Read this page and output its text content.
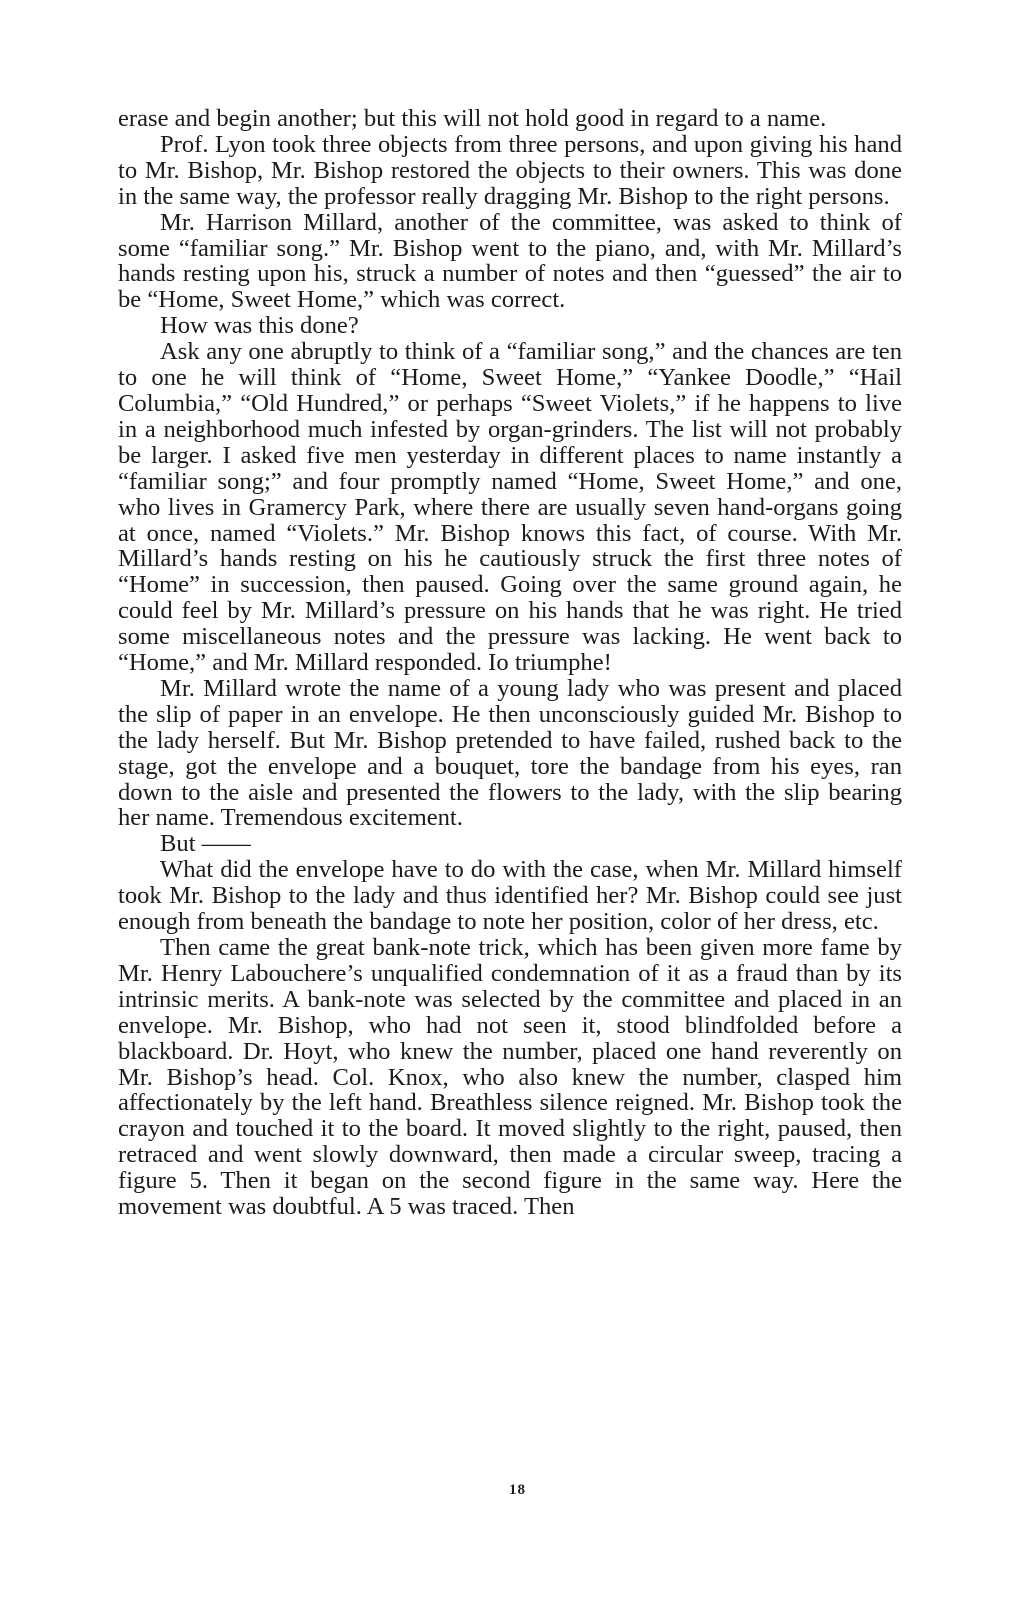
erase and begin another; but this will not hold good in regard to a name.

Prof. Lyon took three objects from three persons, and upon giving his hand to Mr. Bishop, Mr. Bishop restored the objects to their owners. This was done in the same way, the professor really dragging Mr. Bishop to the right persons.

Mr. Harrison Millard, another of the committee, was asked to think of some “familiar song.” Mr. Bishop went to the piano, and, with Mr. Millard’s hands resting upon his, struck a number of notes and then “guessed” the air to be “Home, Sweet Home,” which was correct.

How was this done?

Ask any one abruptly to think of a “familiar song,” and the chances are ten to one he will think of “Home, Sweet Home,” “Yankee Doodle,” “Hail Columbia,” “Old Hundred,” or perhaps “Sweet Violets,” if he happens to live in a neighborhood much infested by organ-grinders. The list will not probably be larger. I asked five men yesterday in different places to name instantly a “familiar song;” and four promptly named “Home, Sweet Home,” and one, who lives in Gramercy Park, where there are usually seven hand-organs going at once, named “Violets.” Mr. Bishop knows this fact, of course. With Mr. Millard’s hands resting on his he cautiously struck the first three notes of “Home” in succession, then paused. Going over the same ground again, he could feel by Mr. Millard’s pressure on his hands that he was right. He tried some miscellaneous notes and the pressure was lacking. He went back to “Home,” and Mr. Millard responded. Io triumphe!

Mr. Millard wrote the name of a young lady who was present and placed the slip of paper in an envelope. He then unconsciously guided Mr. Bishop to the lady herself. But Mr. Bishop pretended to have failed, rushed back to the stage, got the envelope and a bouquet, tore the bandage from his eyes, ran down to the aisle and presented the flowers to the lady, with the slip bearing her name. Tremendous excitement.

But ——

What did the envelope have to do with the case, when Mr. Millard himself took Mr. Bishop to the lady and thus identified her? Mr. Bishop could see just enough from beneath the bandage to note her position, color of her dress, etc.

Then came the great bank-note trick, which has been given more fame by Mr. Henry Labouchere’s unqualified condemnation of it as a fraud than by its intrinsic merits. A bank-note was selected by the committee and placed in an envelope. Mr. Bishop, who had not seen it, stood blindfolded before a blackboard. Dr. Hoyt, who knew the number, placed one hand reverently on Mr. Bishop’s head. Col. Knox, who also knew the number, clasped him affectionately by the left hand. Breathless silence reigned. Mr. Bishop took the crayon and touched it to the board. It moved slightly to the right, paused, then retraced and went slowly downward, then made a circular sweep, tracing a figure 5. Then it began on the second figure in the same way. Here the movement was doubtful. A 5 was traced. Then

18
